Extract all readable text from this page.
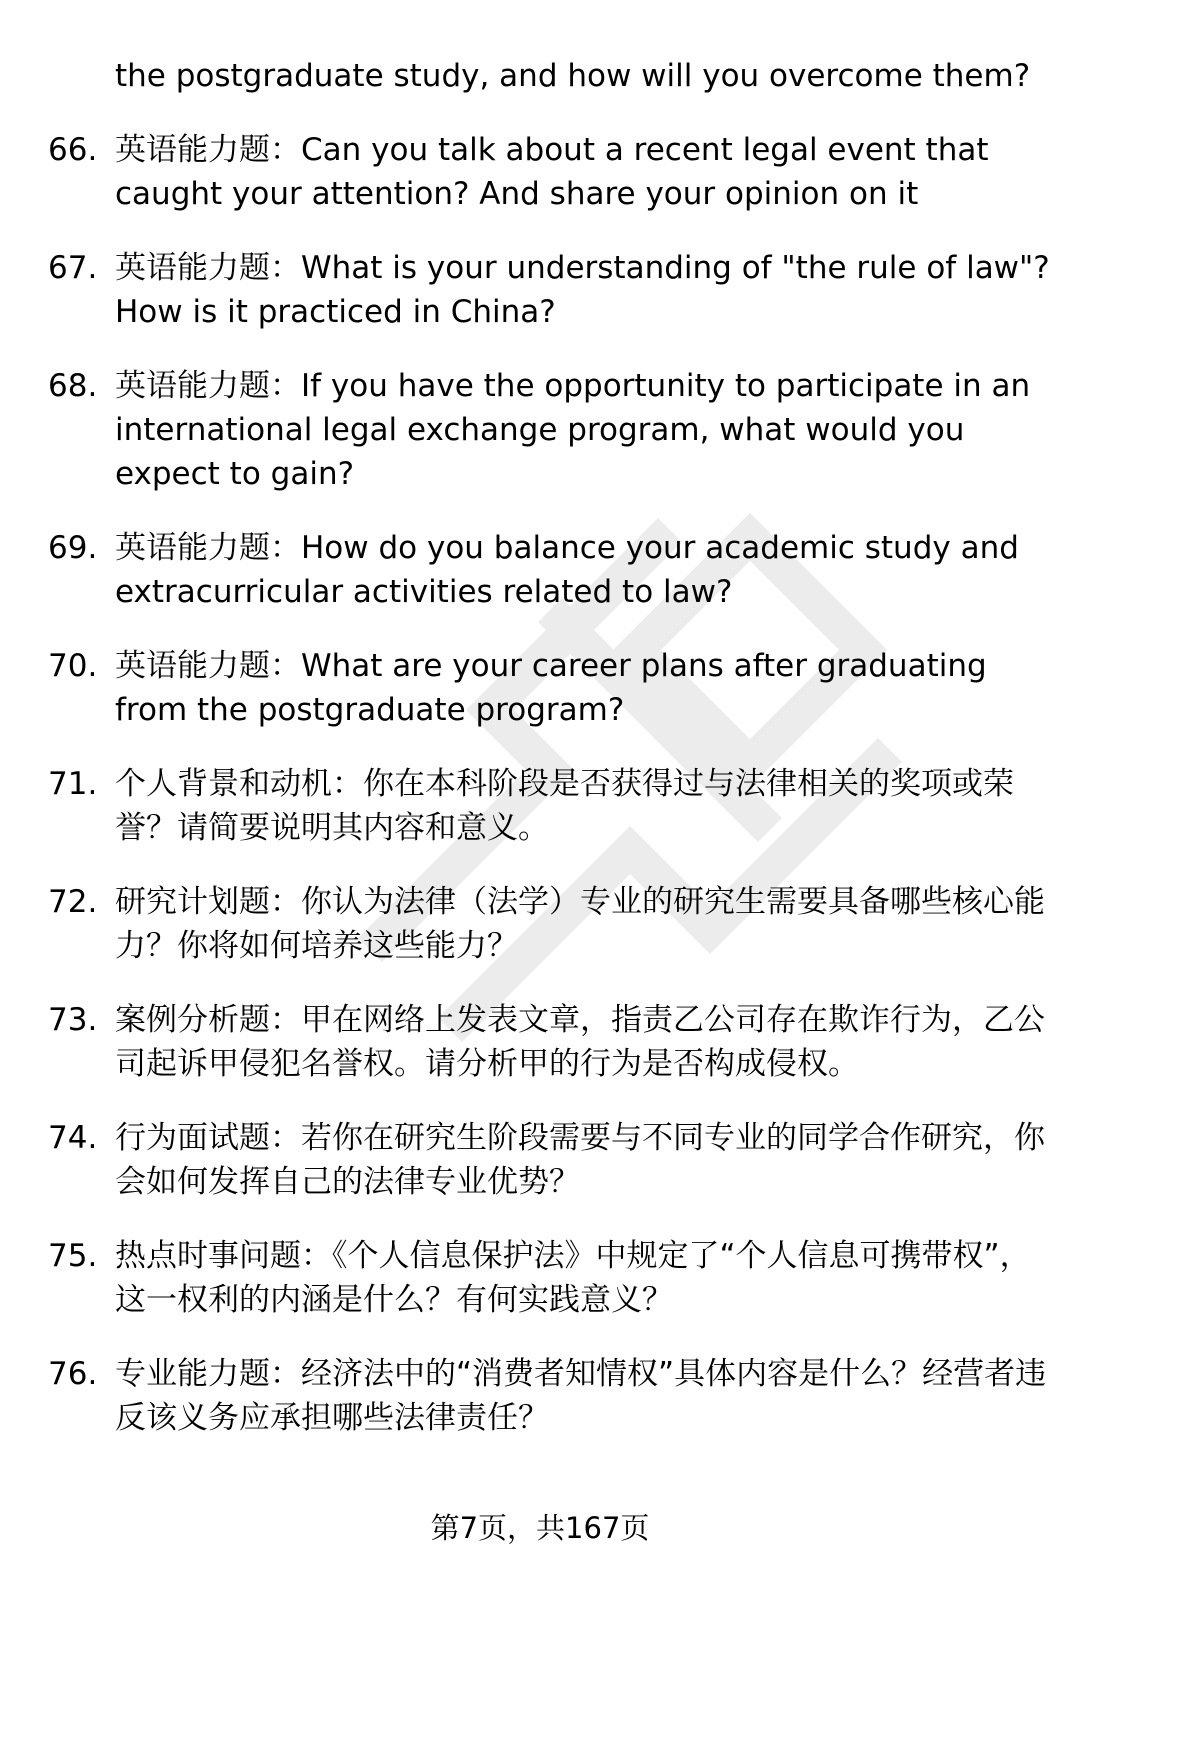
the postgraduate study, and how will you overcome them?
66. 英语能力题：Can you talk about a recent legal event that caught your attention? And share your opinion on it
67. 英语能力题：What is your understanding of "the rule of law"? How is it practiced in China?
68. 英语能力题：If you have the opportunity to participate in an international legal exchange program, what would you expect to gain?
69. 英语能力题：How do you balance your academic study and extracurricular activities related to law?
70. 英语能力题：What are your career plans after graduating from the postgraduate program?
71. 个人背景和动机：你在本科阶段是否获得过与法律相关的奖项或荣誉？请简要说明其内容和意义。
72. 研究计划题：你认为法律（法学）专业的研究生需要具备哪些核心能力？你将如何培养这些能力？
73. 案例分析题：甲在网络上发表文章，指责乙公司存在欺诈行为，乙公司起诉甲侵犯名誉权。请分析甲的行为是否构成侵权。
74. 行为面试题：若你在研究生阶段需要与不同专业的同学合作研究，你会如何发挥自己的法律专业优势？
75. 热点时事问题：《个人信息保护法》中规定了“个人信息可携带权”，这一权利的内涵是什么？有何实践意义？
76. 专业能力题：经济法中的“消费者知情权”具体内容是什么？经营者违反该义务应承担哪些法律责任？
第7页，共167页
